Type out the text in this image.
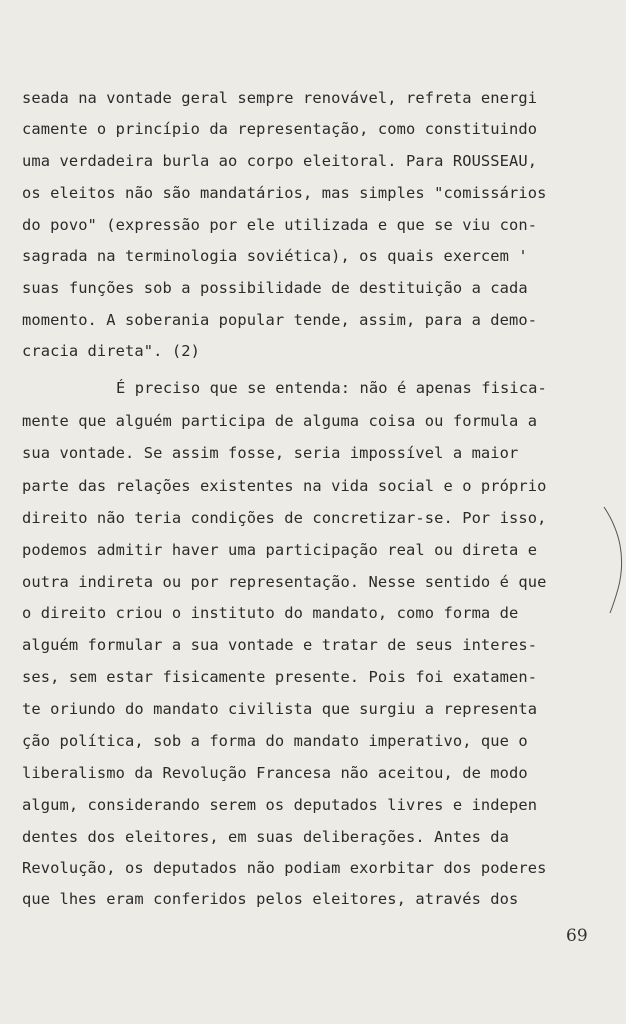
seada na vontade geral sempre renovável, refreta energi
camente o princípio da representação, como constituindo
uma verdadeira burla ao corpo eleitoral. Para ROUSSEAU,
os eleitos não são mandatários, mas simples "comissários
do povo" (expressão por ele utilizada e que se viu con-
sagrada na terminologia soviética), os quais exercem '
suas funções sob a possibilidade de destituição a cada
momento. A soberania popular tende, assim, para a demo-
cracia direta". (2)
É preciso que se entenda: não é apenas fisica-
mente que alguém participa de alguma coisa ou formula a
sua vontade. Se assim fosse, seria impossível a maior
parte das relações existentes na vida social e o próprio
direito não teria condições de concretizar-se. Por isso,
podemos admitir haver uma participação real ou direta e
outra indireta ou por representação. Nesse sentido é que
o direito criou o instituto do mandato, como forma de
alguém formular a sua vontade e tratar de seus interes-
ses, sem estar fisicamente presente. Pois foi exatamen-
te oriundo do mandato civilista que surgiu a representa
ção política, sob a forma do mandato imperativo, que o
liberalismo da Revolução Francesa não aceitou, de modo
algum, considerando serem os deputados livres e indepen
dentes dos eleitores, em suas deliberações. Antes da
Revolução, os deputados não podiam exorbitar dos poderes
que lhes eram conferidos pelos eleitores, através dos
69
